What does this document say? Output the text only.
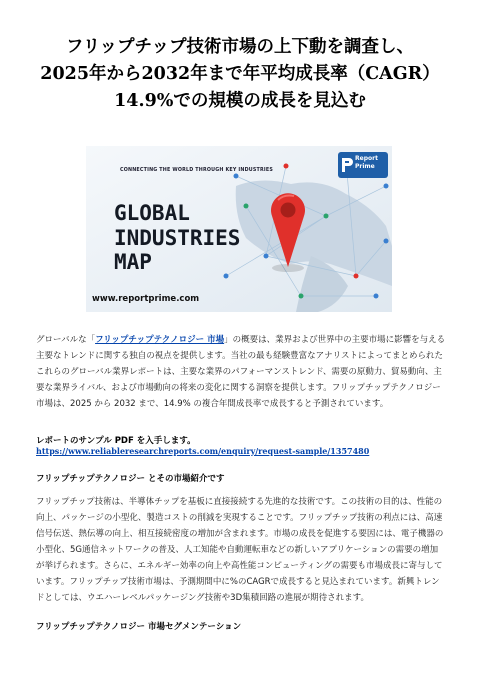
フリップチップ技術市場の上下動を調査し、
2025年から2032年まで年平均成長率（CAGR）
14.9%での規模の成長を見込む
CONNECTING THE WORLD THROUGH KEY INDUSTRIES
GLOBAL
INDUSTRIES
MAP
www.reportprime.com
Report
Prime
グローバルな「フリップチップテクノロジー 市場」の概要は、業界および世界中の主要市場に影響を与える主要なトレンドに関する独自の視点を提供します。当社の最も経験豊富なアナリストによってまとめられたこれらのグローバル業界レポートは、主要な業界のパフォーマンストレンド、需要の原動力、貿易動向、主要な業界ライバル、および市場動向の将来の変化に関する洞察を提供します。フリップチップテクノロジー 市場は、2025 から 2032 まで、14.9% の複合年間成長率で成長すると予測されています。
レポートのサンプル PDF を入手します。
https://www.reliableresearchreports.com/enquiry/request-sample/1357480
フリップチップテクノロジー とその市場紹介です
フリップチップ技術は、半導体チップを基板に直接接続する先進的な技術です。この技術の目的は、性能の向上、パッケージの小型化、製造コストの削減を実現することです。フリップチップ技術の利点には、高速信号伝送、熱伝導の向上、相互接続密度の増加が含まれます。市場の成長を促進する要因には、電子機器の小型化、5G通信ネットワークの普及、人工知能や自動運転車などの新しいアプリケーションの需要の増加が挙げられます。さらに、エネルギー効率の向上や高性能コンピューティングの需要も市場成長に寄与しています。フリップチップ技術市場は、予測期間中に%のCAGRで成長すると見込まれています。新興トレンドとしては、ウエハーレベルパッケージング技術や3D集積回路の進展が期待されます。
フリップチップテクノロジー 市場セグメンテーション
